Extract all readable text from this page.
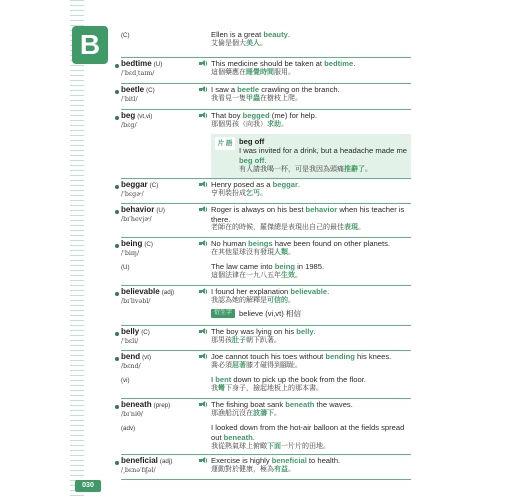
B
030
(C)	Ellen is a great beauty.
艾倫是個大美人。
bedtime (U)
/ˈbɛd͵taɪm/
This medicine should be taken at bedtime.
這個藥應在睡覺時間服用。
beetle (C)
/ˈbitl/
I saw a beetle crawling on the branch.
我看見一隻甲蟲在樹枝上爬。
beg (vt,vi)
/bɛg/
That boy begged (me) for help.
那個男孩（向我）求助。
片 語 beg off
I was invited for a drink, but a headache made me beg off.
有人請我喝一杯，可是我因為頭痛推辭了。
beggar (C)
/ˈbɛgɚ/
Henry posed as a beggar.
亨利裝扮成乞丐。
behavior (U)
/bɪˈhevjɚ/
Roger is always on his best behavior when his teacher is there.
老師在的時候，羅傑總是表現出自己的最佳表現。
being (C)
/ˈbiɪŋ/
No human beings have been found on other planets.
在其他星球沒有發現人類。
(U)	The law came into being in 1985.
這個法律在一九八五年生效。
believable (adj)
/bɪˈlivəbl/
I found her explanation believable.
我認為她的解釋是可信的。
衍生字 believe (vi,vt) 相信
belly (C)
/ˈbɛli/
The boy was lying on his belly.
那男孩肚子朝下趴著。
bend (vt)
/bɛnd/
Joe cannot touch his toes without bending his knees.
喬必須屈著膝才碰得到腳趾。
(vi)	I bent down to pick up the book from the floor.
我彎下身子，撿起地板上的那本書。
beneath (prep)
/bɪˈniθ/
The fishing boat sank beneath the waves.
那漁船沉沒在波濤下。
(adv)	I looked down from the hot-air balloon at the fields spread out beneath.
我從熱氣球上俯瞰下面一片片的田地。
beneficial (adj)
/͵bɛnəˈfɪʃəl/
Exercise is highly beneficial to health.
運動對於健康，極為有益。
